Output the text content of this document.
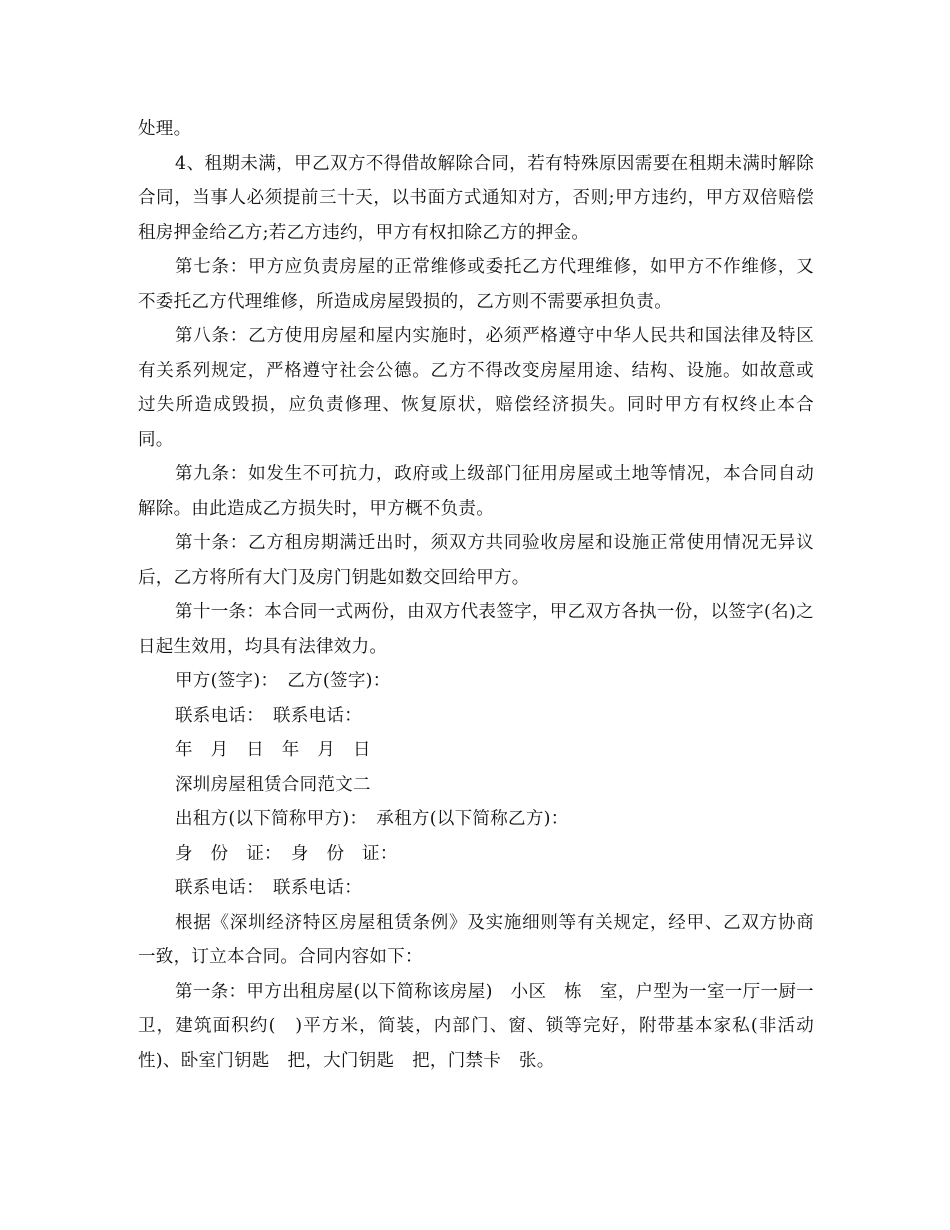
处理。

4、租期未满，甲乙双方不得借故解除合同，若有特殊原因需要在租期未满时解除合同，当事人必须提前三十天，以书面方式通知对方，否则;甲方违约，甲方双倍赔偿租房押金给乙方;若乙方违约，甲方有权扣除乙方的押金。

第七条：甲方应负责房屋的正常维修或委托乙方代理维修，如甲方不作维修，又不委托乙方代理维修，所造成房屋毁损的，乙方则不需要承担负责。

第八条：乙方使用房屋和屋内实施时，必须严格遵守中华人民共和国法律及特区有关系列规定，严格遵守社会公德。乙方不得改变房屋用途、结构、设施。如故意或过失所造成毁损，应负责修理、恢复原状，赔偿经济损失。同时甲方有权终止本合同。

第九条：如发生不可抗力，政府或上级部门征用房屋或土地等情况，本合同自动解除。由此造成乙方损失时，甲方概不负责。

第十条：乙方租房期满迁出时，须双方共同验收房屋和设施正常使用情况无异议后，乙方将所有大门及房门钥匙如数交回给甲方。

第十一条：本合同一式两份，由双方代表签字，甲乙双方各执一份，以签字(名)之日起生效用，均具有法律效力。

甲方(签字)：　乙方(签字)：

联系电话：　联系电话：

年　月　日　年　月　日

深圳房屋租赁合同范文二

出租方(以下简称甲方)：　承租方(以下简称乙方)：

身　份　证：　身　份　证：

联系电话：　联系电话：

根据《深圳经济特区房屋租赁条例》及实施细则等有关规定，经甲、乙双方协商一致，订立本合同。合同内容如下：

第一条：甲方出租房屋(以下简称该房屋)　小区　栋　室，户型为一室一厅一厨一卫，建筑面积约(　)平方米，简装，内部门、窗、锁等完好，附带基本家私(非活动性)、卧室门钥匙　把，大门钥匙　把，门禁卡　张。
